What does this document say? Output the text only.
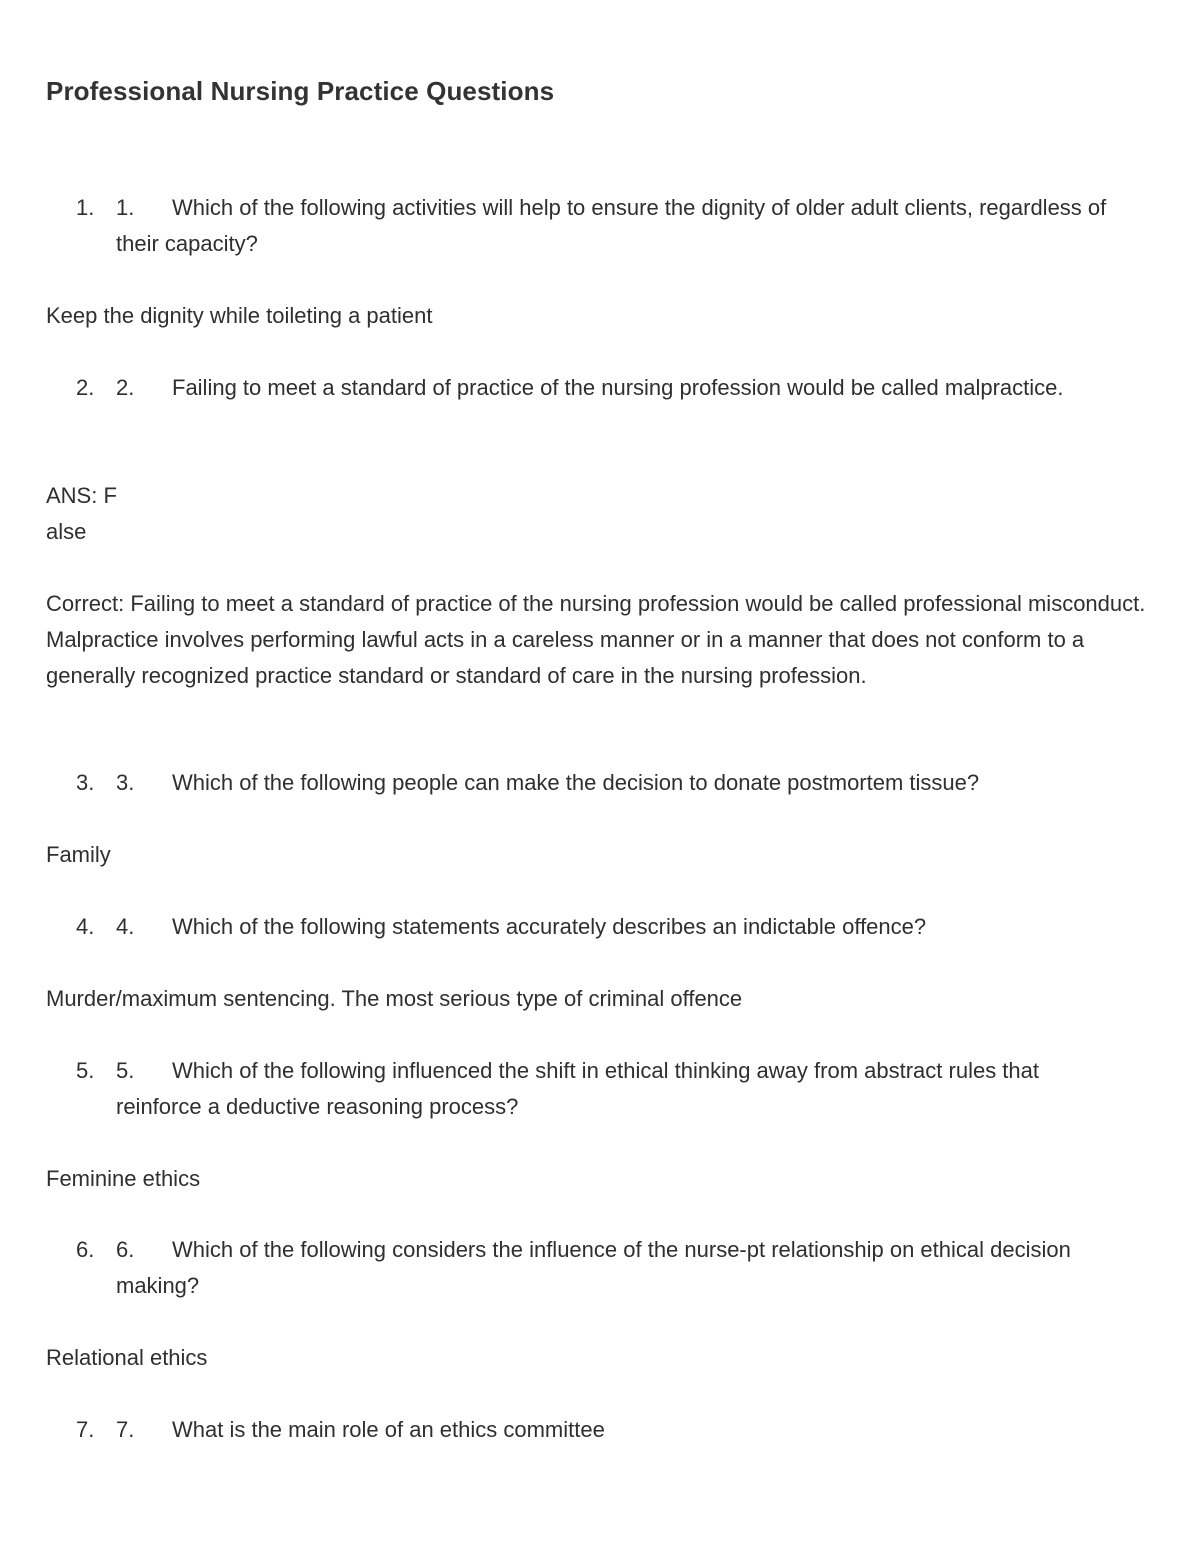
Professional Nursing Practice Questions
1. 1.	Which of the following activities will help to ensure the dignity of older adult clients, regardless of their capacity?
Keep the dignity while toileting a patient
2. 2.	Failing to meet a standard of practice of the nursing profession would be called malpractice.
ANS: F
alse
Correct: Failing to meet a standard of practice of the nursing profession would be called professional misconduct. Malpractice involves performing lawful acts in a careless manner or in a manner that does not conform to a generally recognized practice standard or standard of care in the nursing profession.
3. 3.	Which of the following people can make the decision to donate postmortem tissue?
Family
4. 4.	Which of the following statements accurately describes an indictable offence?
Murder/maximum sentencing. The most serious type of criminal offence
5. 5.	Which of the following influenced the shift in ethical thinking away from abstract rules that reinforce a deductive reasoning process?
Feminine ethics
6. 6.	Which of the following considers the influence of the nurse-pt relationship on ethical decision making?
Relational ethics
7. 7.	What is the main role of an ethics committee
